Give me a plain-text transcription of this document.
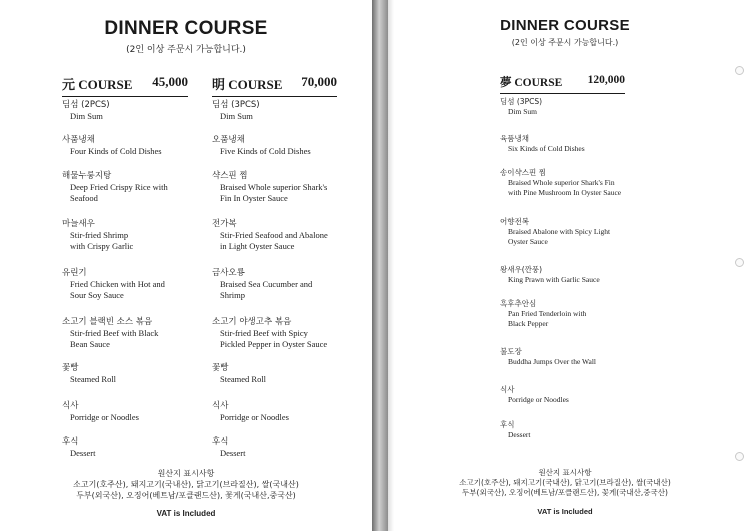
DINNER COURSE
(2인 이상 주문시 가능합니다.)
元 COURSE 45,000 明 COURSE 70,000
딤섬 (2PCS)
Dim Sum
사품냉채
Four Kinds of Cold Dishes
해물누룽지탕
Deep Fried Crispy Rice with
Seafood
마늘새우
Stir-fried Shrimp
with Crispy Garlic
유린기
Fried Chicken with Hot and
Sour Soy Sauce
소고기 블랙빈 소스 볶음
Stir-fried Beef with Black
Bean Sauce
꽃빵
Steamed Roll
식사
Porridge or Noodles
후식
Dessert
딤섬 (3PCS)
Dim Sum
오품냉채
Five Kinds of Cold Dishes
샥스핀 찜
Braised Whole superior Shark's
Fin In Oyster Sauce
전가복
Stir-Fried Seafood and Abalone
in Light Oyster Sauce
금사오룡
Braised Sea Cucumber and
Shrimp
소고기 야생고추 볶음
Stir-fried Beef with Spicy
Pickled Pepper in Oyster Sauce
꽃빵
Steamed Roll
식사
Porridge or Noodles
후식
Dessert
원산지 표시사항
소고기(호주산), 돼지고기(국내산), 닭고기(브라질산), 쌀(국내산)
두부(외국산), 오징어(베트남/포클랜드산), 꽃게(국내산,중국산)
VAT is Included
DINNER COURSE
(2인 이상 주문시 가능합니다.)
夢 COURSE 120,000
딤섬 (3PCS)
Dim Sum
육품냉채
Six Kinds of Cold Dishes
송이샥스핀 찜
Braised Whole superior Shark's Fin
with Pine Mushroom In Oyster Sauce
어향전복
Braised Abalone with Spicy Light
Oyster Sauce
왕새우(깐풍)
King Prawn with Garlic Sauce
흑후추안심
Pan Fried Tenderloin with
Black Pepper
불도장
Buddha Jumps Over the Wall
식사
Porridge or Noodles
후식
Dessert
원산지 표시사항
소고기(호주산), 돼지고기(국내산), 닭고기(브라질산), 쌀(국내산)
두부(외국산), 오징어(베트남/포클랜드산), 꽃게(국내산,중국산)
VAT is Included
